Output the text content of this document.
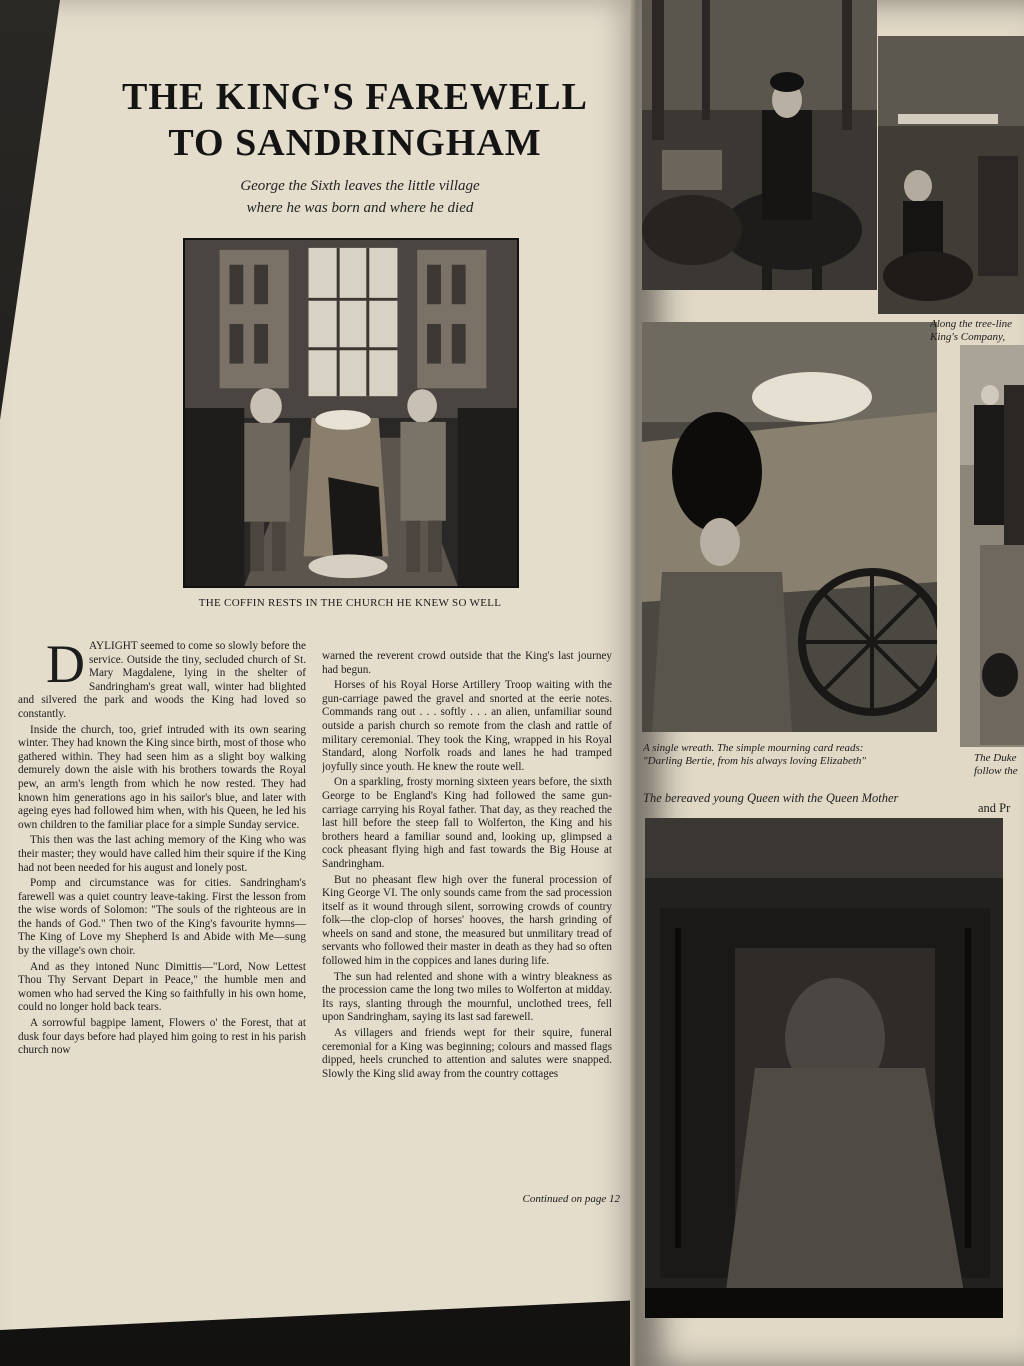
THE KING'S FAREWELL
TO SANDRINGHAM
George the Sixth leaves the little village
where he was born and where he died
THE COFFIN RESTS IN THE CHURCH HE KNEW SO WELL
D AYLIGHT seemed to come so slowly before the service. Outside the tiny, secluded church of St. Mary Magdalene, lying in the shelter of Sandringham's great wall, winter had blighted and silvered the park and woods the King had loved so constantly.

Inside the church, too, grief intruded with its own searing winter. They had known the King since birth, most of those who gathered within. They had seen him as a slight boy walking demurely down the aisle with his brothers towards the Royal pew, an arm's length from which he now rested. They had known him generations ago in his sailor's blue, and later with ageing eyes had followed him when, with his Queen, he led his own children to the familiar place for a simple Sunday service.

This then was the last aching memory of the King who was their master; they would have called him their squire if the King had not been needed for his august and lonely post.

Pomp and circumstance was for cities. Sandringham's farewell was a quiet country leave-taking. First the lesson from the wise words of Solomon: "The souls of the righteous are in the hands of God." Then two of the King's favourite hymns—The King of Love my Shepherd Is and Abide with Me—sung by the village's own choir.

And as they intoned Nunc Dimittis—"Lord, Now Lettest Thou Thy Servant Depart in Peace," the humble men and women who had served the King so faithfully in his own home, could no longer hold back tears.

A sorrowful bagpipe lament, Flowers o' the Forest, that at dusk four days before had played him going to rest in his parish church now

warned the reverent crowd outside that the King's last journey had begun.

Horses of his Royal Horse Artillery Troop waiting with the gun-carriage pawed the gravel and snorted at the eerie notes. Commands rang out . . . softly . . . an alien, unfamiliar sound outside a parish church so remote from the clash and rattle of military ceremonial. They took the King, wrapped in his Royal Standard, along Norfolk roads and lanes he had tramped joyfully since youth. He knew the route well.

On a sparkling, frosty morning sixteen years before, the sixth George to be England's King had followed the same gun-carriage carrying his Royal father. That day, as they reached the last hill before the steep fall to Wolferton, the King and his brothers heard a familiar sound and, looking up, glimpsed a cock pheasant flying high and fast towards the Big House at Sandringham.

But no pheasant flew high over the funeral procession of King George VI. The only sounds came from the sad procession itself as it wound through silent, sorrowing crowds of country folk—the clop-clop of horses' hooves, the harsh grinding of wheels on sand and stone, the measured but unmilitary tread of servants who followed their master in death as they had so often followed him in the coppices and lanes during life.

The sun had relented and shone with a wintry bleakness as the procession came the long two miles to Wolferton at midday. Its rays, slanting through the mournful, unclothed trees, fell upon Sandringham, saying its last sad farewell.

As villagers and friends wept for their squire, funeral ceremonial for a King was beginning; colours and massed flags dipped, heels crunched to attention and salutes were snapped. Slowly the King slid away from the country cottages

Continued on page 12
Along the tree-line
King's Company,
A single wreath. The simple mourning card reads:
"Darling Bertie, from his always loving Elizabeth"	The Duke
follow the
The bereaved young Queen with the Queen Mother
and Pr
